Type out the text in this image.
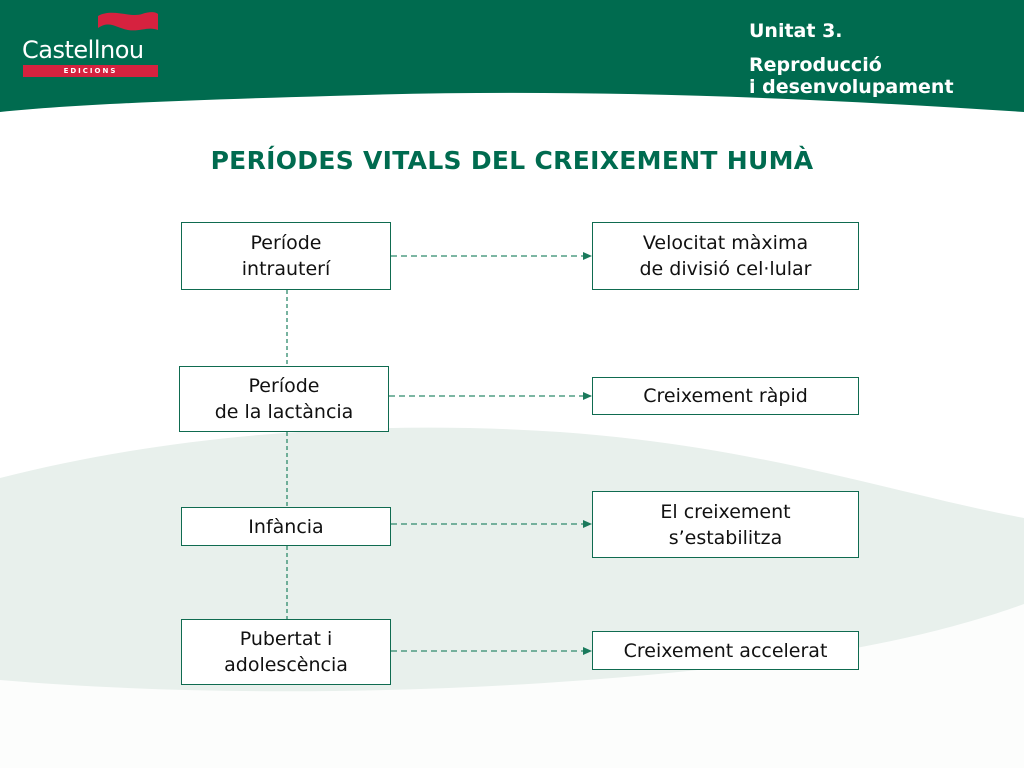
Castellnou
EDICIONS
Unitat 3.
Reproducció
i desenvolupament
PERÍODES VITALS DEL CREIXEMENT HUMÀ
Període
intrauterí
Període
de la lactància
Infància
Pubertat i
adolescència
Velocitat màxima
de divisió cel·lular
Creixement ràpid
El creixement
s’estabilitza
Creixement accelerat
